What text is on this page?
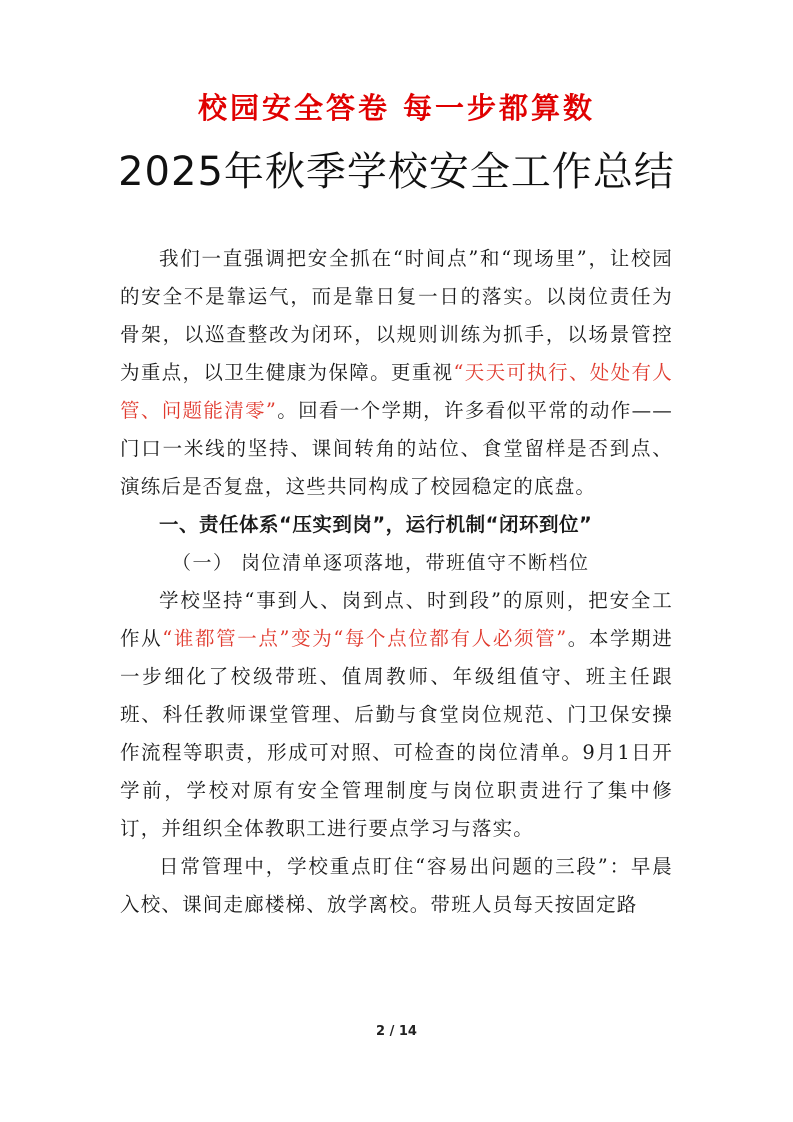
校园安全答卷 每一步都算数
2025年秋季学校安全工作总结

我们一直强调把安全抓在“时间点”和“现场里”，让校园的安全不是靠运气，而是靠日复一日的落实。以岗位责任为骨架，以巡查整改为闭环，以规则训练为抓手，以场景管控为重点，以卫生健康为保障。更重视“天天可执行、处处有人管、问题能清零”。回看一个学期，许多看似平常的动作——门口一米线的坚持、课间转角的站位、食堂留样是否到点、演练后是否复盘，这些共同构成了校园稳定的底盘。

一、责任体系“压实到岗”，运行机制“闭环到位”

（一） 岗位清单逐项落地，带班值守不断档位

学校坚持“事到人、岗到点、时到段”的原则，把安全工作从“谁都管一点”变为“每个点位都有人必须管”。本学期进一步细化了校级带班、值周教师、年级组值守、班主任跟班、科任教师课堂管理、后勤与食堂岗位规范、门卫保安操作流程等职责，形成可对照、可检查的岗位清单。9月1日开学前，学校对原有安全管理制度与岗位职责进行了集中修订，并组织全体教职工进行要点学习与落实。

日常管理中，学校重点盯住“容易出问题的三段”：早晨入校、课间走廊楼梯、放学离校。带班人员每天按固定路

2 / 14
